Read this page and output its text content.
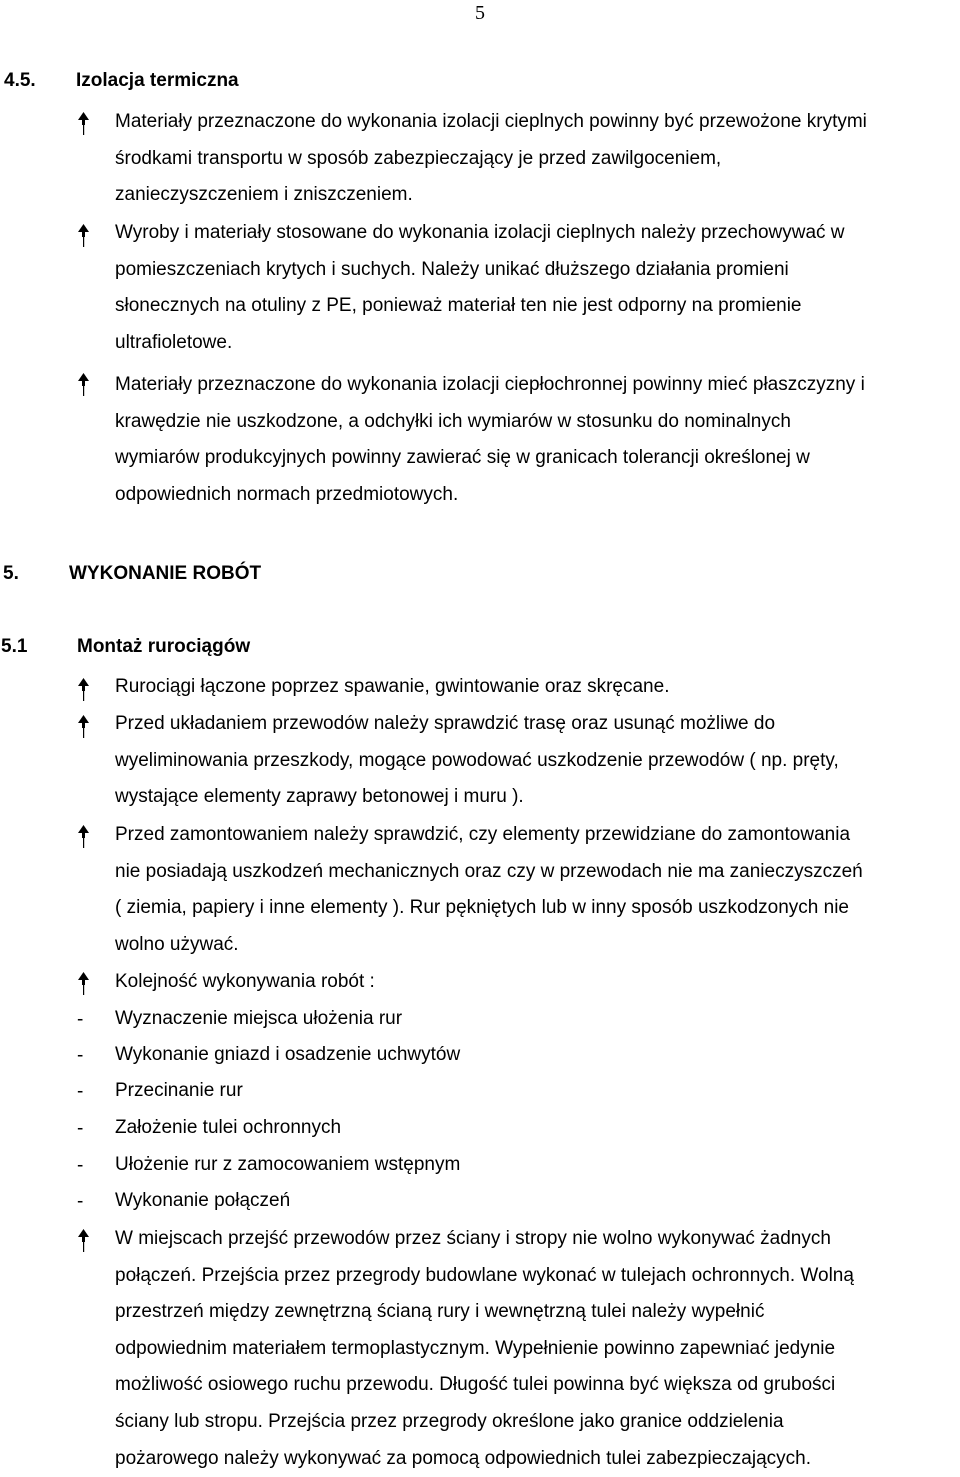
5
4.5. Izolacja termiczna
Materiały przeznaczone do wykonania izolacji cieplnych powinny być przewożone krytymi
środkami transportu w sposób zabezpieczający je przed zawilgoceniem,
zanieczyszczeniem i zniszczeniem.
Wyroby i materiały stosowane do wykonania izolacji cieplnych należy przechowywać w
pomieszczeniach krytych i suchych. Należy unikać dłuższego działania promieni
słonecznych na otuliny z PE, ponieważ materiał ten nie jest odporny na promienie
ultrafioletowe.
Materiały przeznaczone do wykonania izolacji ciepłochronnej powinny mieć płaszczyzny i
krawędzie nie uszkodzone, a odchyłki ich wymiarów w stosunku do nominalnych
wymiarów produkcyjnych powinny zawierać się w granicach tolerancji określonej w
odpowiednich normach przedmiotowych.
5.	WYKONANIE ROBÓT
5.1	Montaż rurociągów
Rurociągi łączone poprzez spawanie, gwintowanie oraz skręcane.
Przed układaniem przewodów należy sprawdzić trasę oraz usunąć możliwe do
wyeliminowania przeszkody, mogące powodować uszkodzenie przewodów ( np. pręty,
wystające elementy zaprawy betonowej i muru ).
Przed zamontowaniem należy sprawdzić, czy elementy przewidziane do zamontowania
nie posiadają uszkodzeń mechanicznych oraz czy w przewodach nie ma zanieczyszczeń
( ziemia, papiery i inne elementy ). Rur pękniętych lub w inny sposób uszkodzonych nie
wolno używać.
Kolejność wykonywania robót :
- Wyznaczenie miejsca ułożenia rur
- Wykonanie gniazd i osadzenie uchwytów
- Przecinanie rur
- Założenie tulei ochronnych
- Ułożenie rur z zamocowaniem wstępnym
- Wykonanie połączeń
W miejscach przejść przewodów przez ściany i stropy nie wolno wykonywać żadnych
połączeń. Przejścia przez przegrody budowlane wykonać w tulejach ochronnych. Wolną
przestrzeń między zewnętrzną ścianą rury i wewnętrzną tulei należy wypełnić
odpowiednim materiałem termoplastycznym. Wypełnienie powinno zapewniać jedynie
możliwość osiowego ruchu przewodu. Długość tulei powinna być większa od grubości
ściany lub stropu. Przejścia przez przegrody określone jako granice oddzielenia
pożarowego należy wykonywać za pomocą odpowiednich tulei zabezpieczających.
